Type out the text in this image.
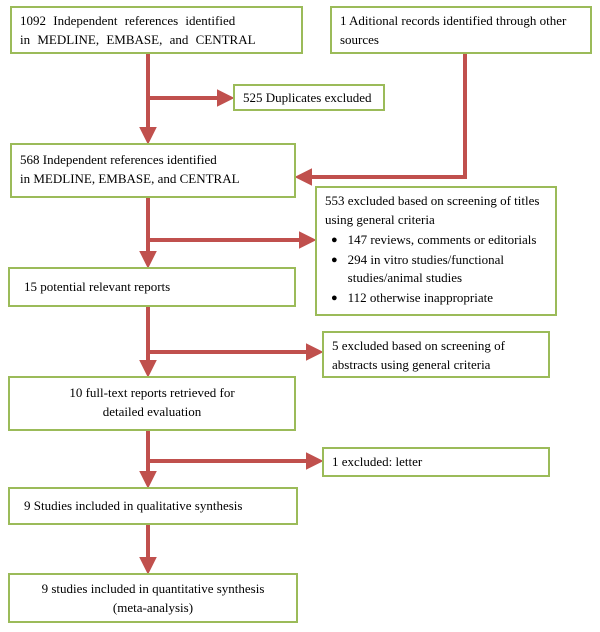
1092 Independent references identified
in MEDLINE, EMBASE, and CENTRAL
1 Aditional records identified through other sources
525 Duplicates excluded
568 Independent references identified
in MEDLINE, EMBASE, and CENTRAL
553 excluded based on screening of titles
using general criteria
● 147 reviews, comments or editorials
● 294 in vitro studies/functional studies/animal studies
● 112 otherwise inappropriate
15 potential relevant reports
5 excluded based on screening of abstracts using general criteria
10 full-text reports retrieved for
detailed evaluation
1 excluded: letter
9 Studies included in qualitative synthesis
9 studies included in quantitative synthesis
(meta-analysis)
